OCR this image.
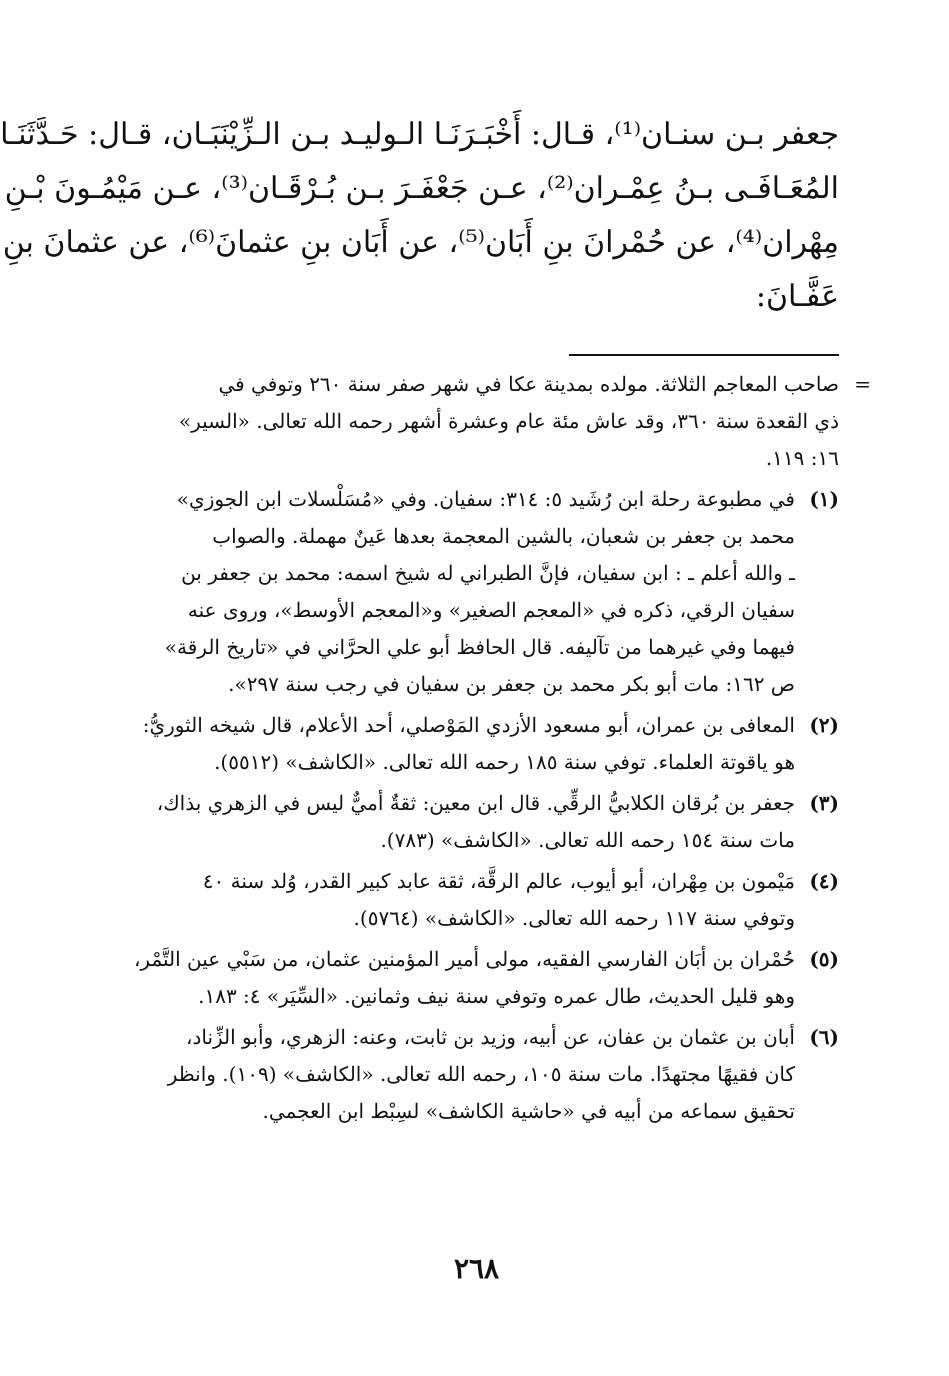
جعفر بـن سنـان⁽¹⁾، قـال: أَخْبَـرَنَـا الـوليـد بـن الـزِّيْنَبَـان، قـال: حَـدَّثَنَـا
المُعَـافَـى بـنُ عِمْـران⁽²⁾، عـن جَعْفَـرَ بـن بُـرْقَـان⁽³⁾، عـن مَيْمُـونَ بْـنِ
مِهْران⁽⁴⁾، عن حُمْرانَ بنِ أَبَان⁽⁵⁾، عن أَبَان بنِ عثمانَ⁽⁶⁾، عن عثمانَ بنِ
عَفَّـانَ:
=
صاحب المعاجم الثلاثة. مولده بمدينة عكا في شهر صفر سنة ٢٦٠ وتوفي في
ذي القعدة سنة ٣٦٠، وقد عاش مئة عام وعشرة أشهر رحمه الله تعالى. «السير»
١٦: ١١٩.
(١)
في مطبوعة رحلة ابن رُشَيد ٥: ٣١٤: سفيان. وفي «مُسَلْسلات ابن الجوزي»
محمد بن جعفر بن شعبان، بالشين المعجمة بعدها عَينٌ مهملة. والصواب
ـ والله أعلم ـ : ابن سفيان، فإنَّ الطبراني له شيخ اسمه: محمد بن جعفر بن
سفيان الرقي، ذكره في «المعجم الصغير» و«المعجم الأوسط»، وروى عنه
فيهما وفي غيرهما من تآليفه. قال الحافظ أبو علي الحرَّاني في «تاريخ الرقة»
ص ١٦٢: مات أبو بكر محمد بن جعفر بن سفيان في رجب سنة ٢٩٧».
(٢)
المعافى بن عمران، أبو مسعود الأزدي المَوْصلي، أحد الأعلام، قال شيخه الثوريُّ:
هو ياقوتة العلماء. توفي سنة ١٨٥ رحمه الله تعالى. «الكاشف» (٥٥١٢).
(٣)
جعفر بن بُرقان الكلابيُّ الرقِّي. قال ابن معين: ثقةٌ أميٌّ ليس في الزهري بذاك،
مات سنة ١٥٤ رحمه الله تعالى. «الكاشف» (٧٨٣).
(٤)
مَيْمون بن مِهْران، أبو أيوب، عالم الرقَّة، ثقة عابد كبير القدر، وُلد سنة ٤٠
وتوفي سنة ١١٧ رحمه الله تعالى. «الكاشف» (٥٧٦٤).
(٥)
حُمْران بن أبَان الفارسي الفقيه، مولى أمير المؤمنين عثمان، من سَبْي عين التَّمْر،
وهو قليل الحديث، طال عمره وتوفي سنة نيف وثمانين. «السِّيَر» ٤: ١٨٣.
(٦)
أبان بن عثمان بن عفان، عن أبيه، وزيد بن ثابت، وعنه: الزهري، وأبو الزِّناد،
كان فقيهًا مجتهدًا. مات سنة ١٠٥، رحمه الله تعالى. «الكاشف» (١٠٩). وانظر
تحقيق سماعه من أبيه في «حاشية الكاشف» لسِبْط ابن العجمي.
٢٦٨
